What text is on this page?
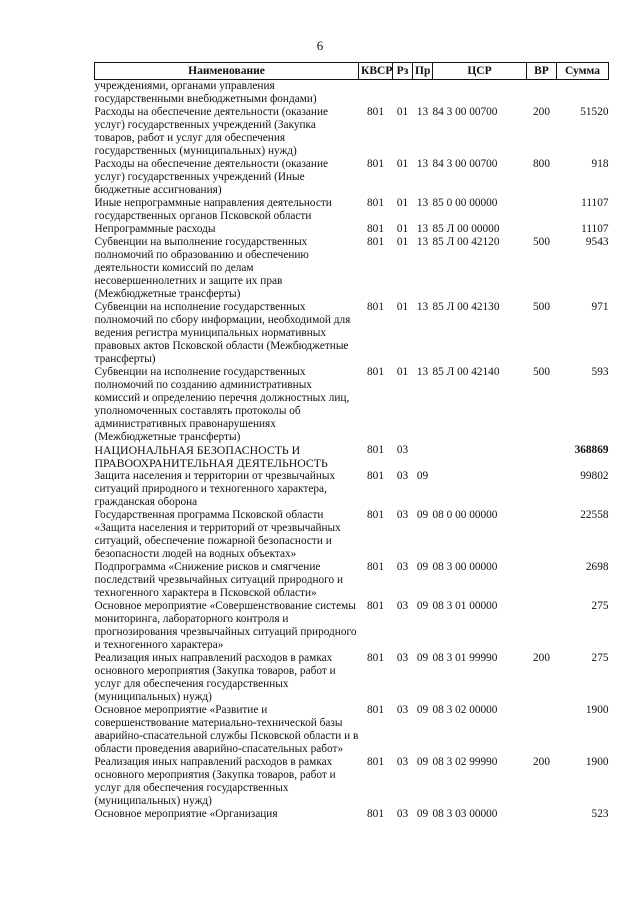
6
Наименование	КВСР	Рз	Пр	ЦСР	ВР	Сумма
учреждениями, органами управления государственными внебюджетными фондами)						
Расходы на обеспечение деятельности (оказание услуг) государственных учреждений (Закупка товаров, работ и услуг для обеспечения государственных (муниципальных) нужд)	801	01	13	84 3 00 00700	200	51520
Расходы на обеспечение деятельности (оказание услуг) государственных учреждений (Иные бюджетные ассигнования)	801	01	13	84 3 00 00700	800	918
Иные непрограммные направления деятельности государственных органов Псковской области	801	01	13	85 0 00 00000		11107
Непрограммные расходы	801	01	13	85 Л 00 00000		11107
Субвенции на выполнение государственных полномочий по образованию и обеспечению деятельности комиссий по делам несовершеннолетних и защите их прав (Межбюджетные трансферты)	801	01	13	85 Л 00 42120	500	9543
Субвенции на исполнение государственных полномочий по сбору информации, необходимой для ведения регистра муниципальных нормативных правовых актов Псковской области (Межбюджетные трансферты)	801	01	13	85 Л 00 42130	500	971
Субвенции на исполнение государственных полномочий по созданию административных комиссий и определению перечня должностных лиц, уполномоченных составлять протоколы об административных правонарушениях (Межбюджетные трансферты)	801	01	13	85 Л 00 42140	500	593
НАЦИОНАЛЬНАЯ БЕЗОПАСНОСТЬ И ПРАВООХРАНИТЕЛЬНАЯ ДЕЯТЕЛЬНОСТЬ	801	03				368869
Защита населения и территории от чрезвычайных ситуаций природного и техногенного характера, гражданская оборона	801	03	09			99802
Государственная программа Псковской области «Защита населения и территорий от чрезвычайных ситуаций, обеспечение пожарной безопасности и безопасности людей на водных объектах»	801	03	09	08 0 00 00000		22558
Подпрограмма «Снижение рисков и смягчение последствий чрезвычайных ситуаций природного и техногенного характера в Псковской области»	801	03	09	08 3 00 00000		2698
Основное мероприятие «Совершенствование системы мониторинга, лабораторного контроля и прогнозирования чрезвычайных ситуаций природного и техногенного характера»	801	03	09	08 3 01 00000		275
Реализация иных направлений расходов в рамках основного мероприятия (Закупка товаров, работ и услуг для обеспечения государственных (муниципальных) нужд)	801	03	09	08 3 01 99990	200	275
Основное мероприятие «Развитие и совершенствование материально-технической базы аварийно-спасательной службы Псковской области и в области проведения аварийно-спасательных работ»	801	03	09	08 3 02 00000		1900
Реализация иных направлений расходов в рамках основного мероприятия (Закупка товаров, работ и услуг для обеспечения государственных (муниципальных) нужд)	801	03	09	08 3 02 99990	200	1900
Основное мероприятие «Организация	801	03	09	08 3 03 00000		523
